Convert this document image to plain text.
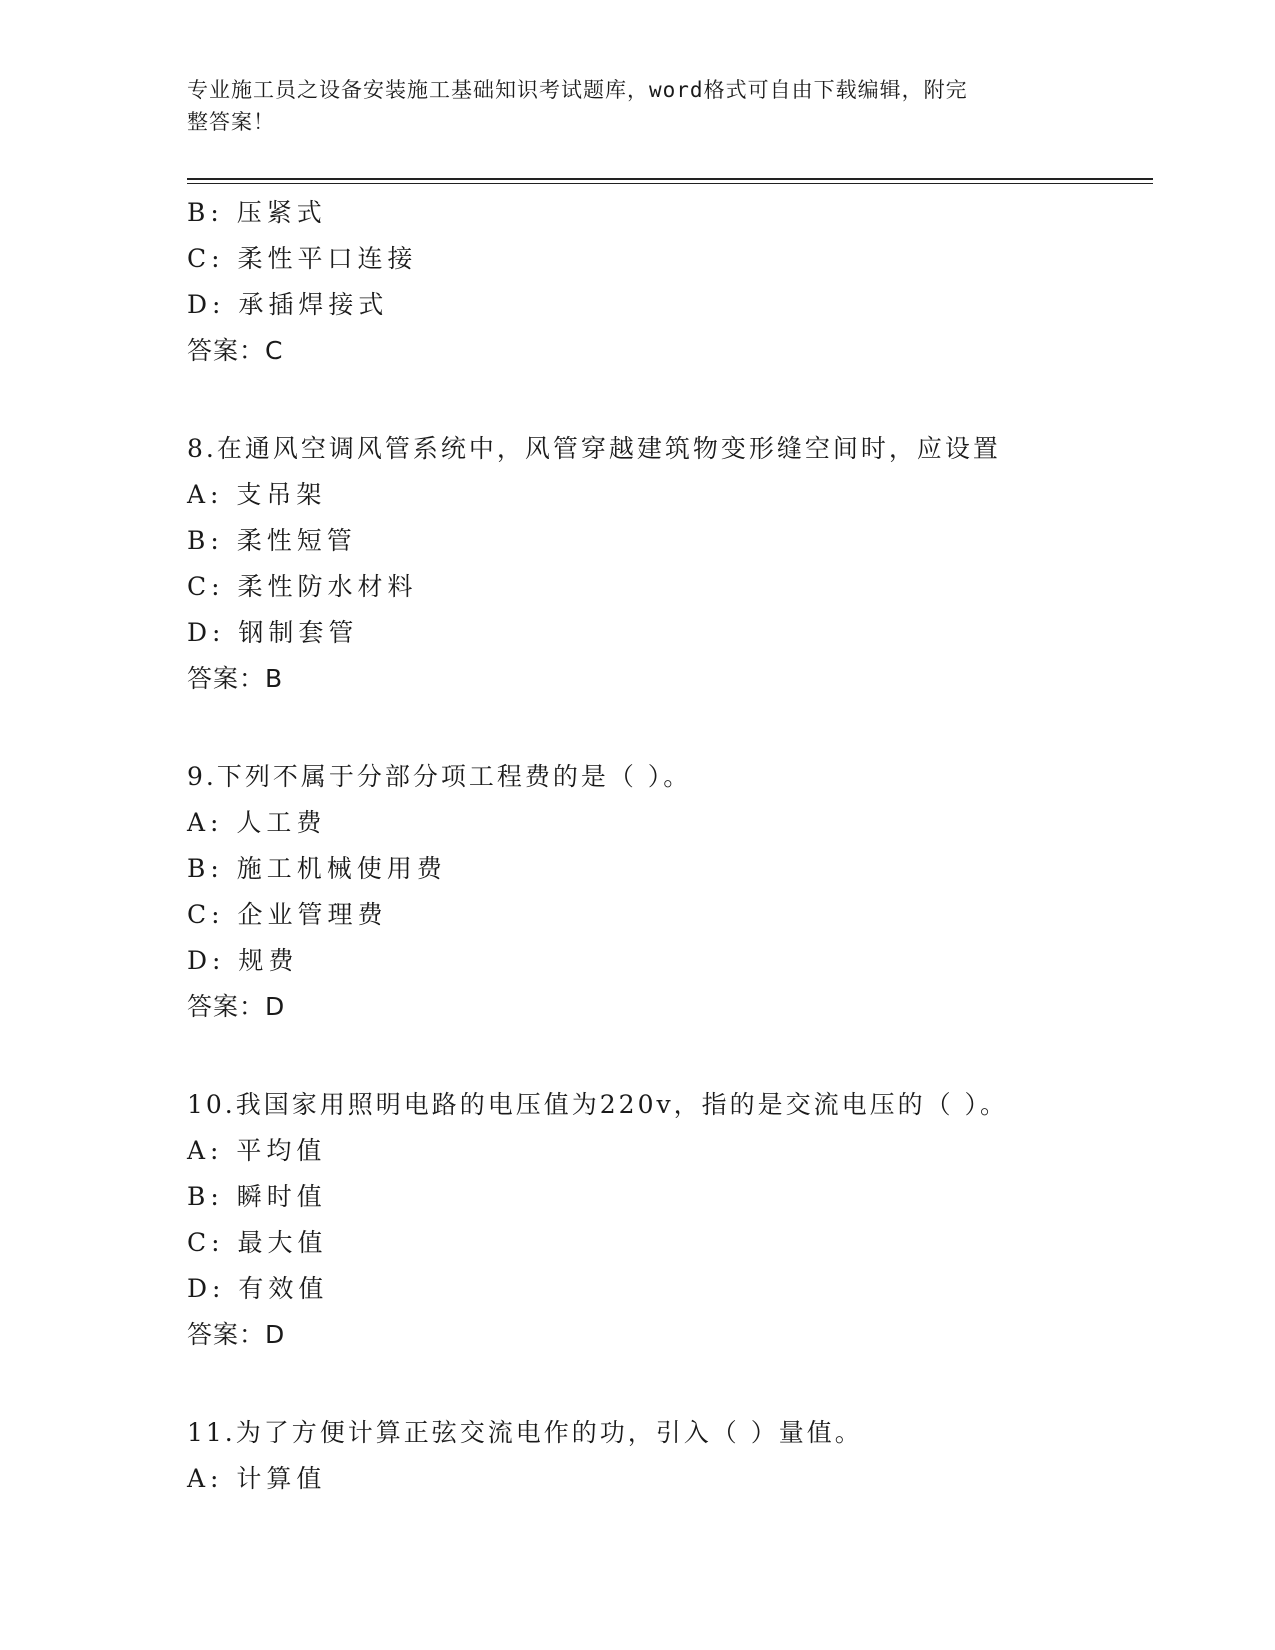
专业施工员之设备安装施工基础知识考试题库，word格式可自由下载编辑，附完
整答案！
B: 压紧式
C: 柔性平口连接
D: 承插焊接式
答案：C
8.在通风空调风管系统中，风管穿越建筑物变形缝空间时，应设置
A: 支吊架
B: 柔性短管
C: 柔性防水材料
D: 钢制套管
答案：B
9.下列不属于分部分项工程费的是（ ）。
A: 人工费
B: 施工机械使用费
C: 企业管理费
D: 规费
答案：D
10.我国家用照明电路的电压值为220v，指的是交流电压的（ ）。
A: 平均值
B: 瞬时值
C: 最大值
D: 有效值
答案：D
11.为了方便计算正弦交流电作的功，引入（ ）量值。
A: 计算值
